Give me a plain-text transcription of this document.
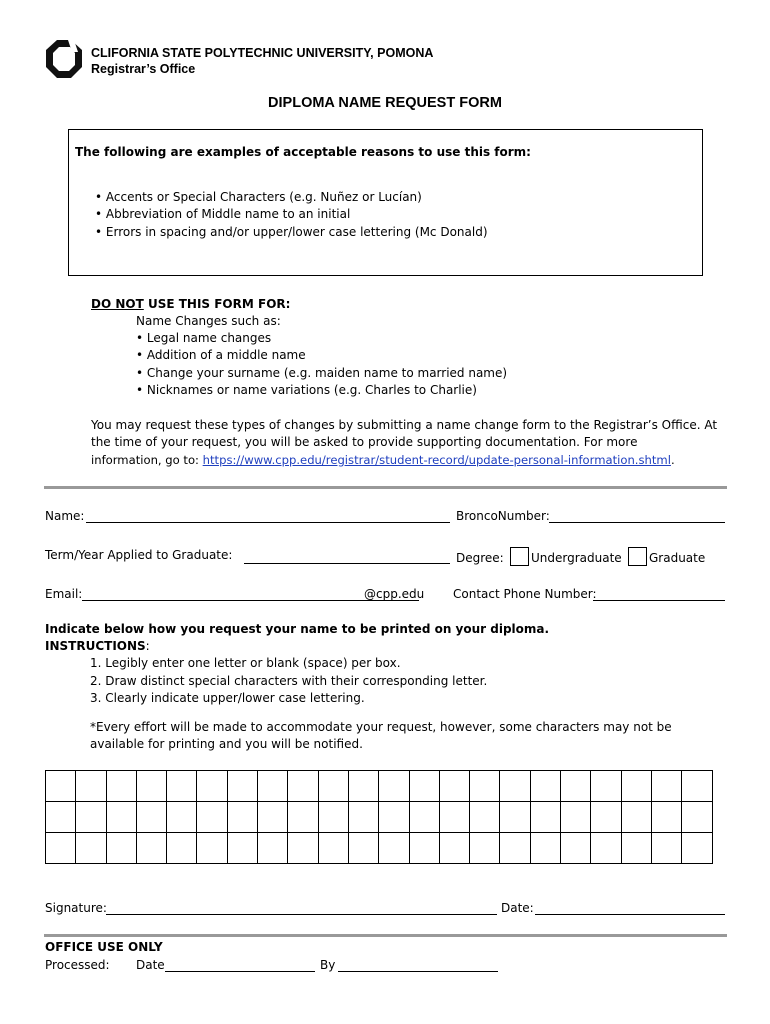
CLIFORNIA STATE POLYTECHNIC UNIVERSITY, POMONA
Registrar’s Office
DIPLOMA NAME REQUEST FORM
The following are examples of acceptable reasons to use this form:
• Accents or Special Characters (e.g. Nuñez or Lucían)
• Abbreviation of Middle name to an initial
• Errors in spacing and/or upper/lower case lettering (Mc Donald)
DO NOT USE THIS FORM FOR:
Name Changes such as:
• Legal name changes
• Addition of a middle name
• Change your surname (e.g. maiden name to married name)
• Nicknames or name variations (e.g. Charles to Charlie)
You may request these types of changes by submitting a name change form to the Registrar’s Office. At
the time of your request, you will be asked to provide supporting documentation. For more
information, go to: https://www.cpp.edu/registrar/student-record/update-personal-information.shtml.
Name:	BroncoNumber:
Term/Year Applied to Graduate:	Degree: Undergraduate Graduate
Email:	@cpp.edu Contact Phone Number:
Indicate below how you request your name to be printed on your diploma.
INSTRUCTIONS:
1. Legibly enter one letter or blank (space) per box.
2. Draw distinct special characters with their corresponding letter.
3. Clearly indicate upper/lower case lettering.
*Every effort will be made to accommodate your request, however, some characters may not be
available for printing and you will be notified.

Signature:	Date:
OFFICE USE ONLY
Processed: Date	By
